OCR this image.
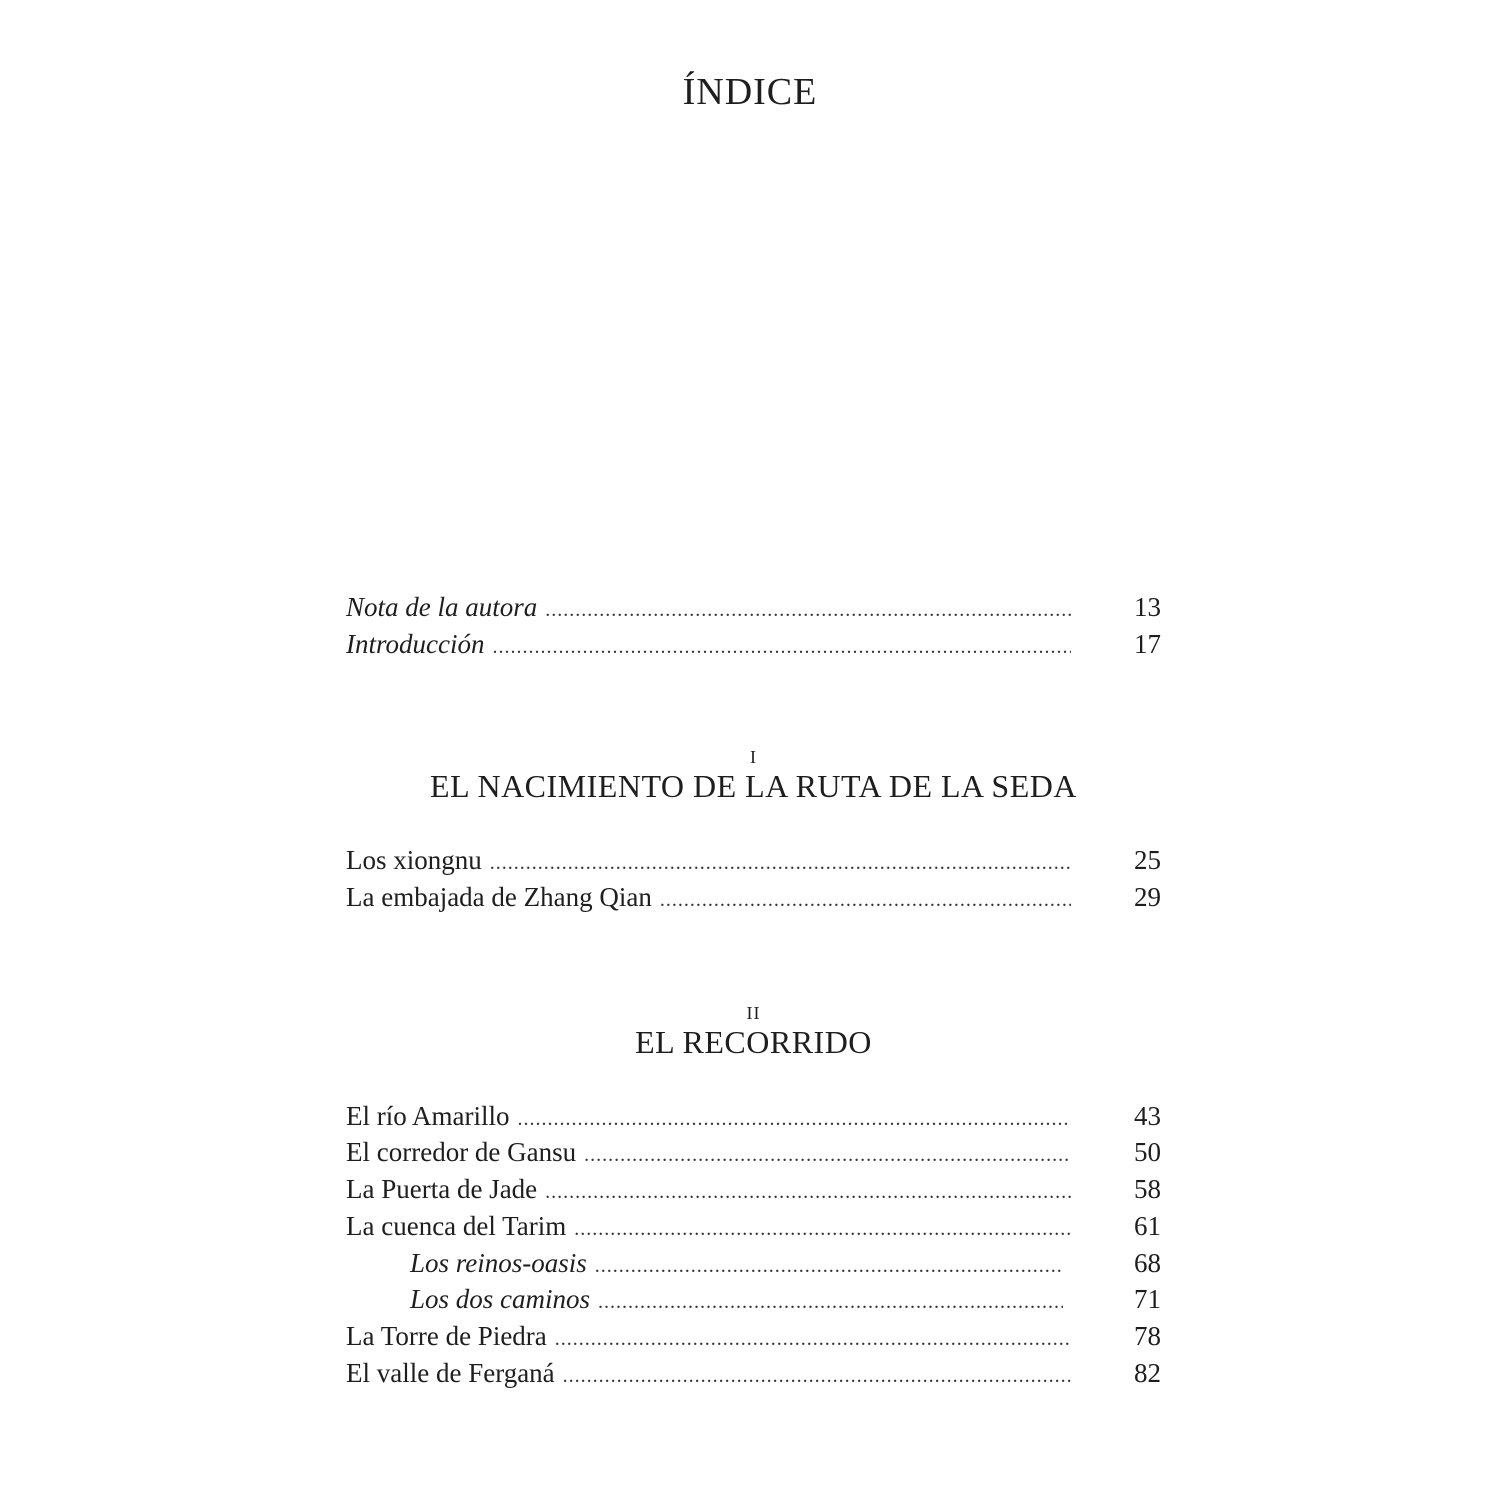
ÍNDICE
Nota de la autora .....	13
Introducción .....	17
I
EL NACIMIENTO DE LA RUTA DE LA SEDA
Los xiongnu .....	25
La embajada de Zhang Qian .....	29
II
EL RECORRIDO
El río Amarillo .....	43
El corredor de Gansu .....	50
La Puerta de Jade .....	58
La cuenca del Tarim .....	61
Los reinos-oasis .....	68
Los dos caminos .....	71
La Torre de Piedra .....	78
El valle de Ferganá .....	82
